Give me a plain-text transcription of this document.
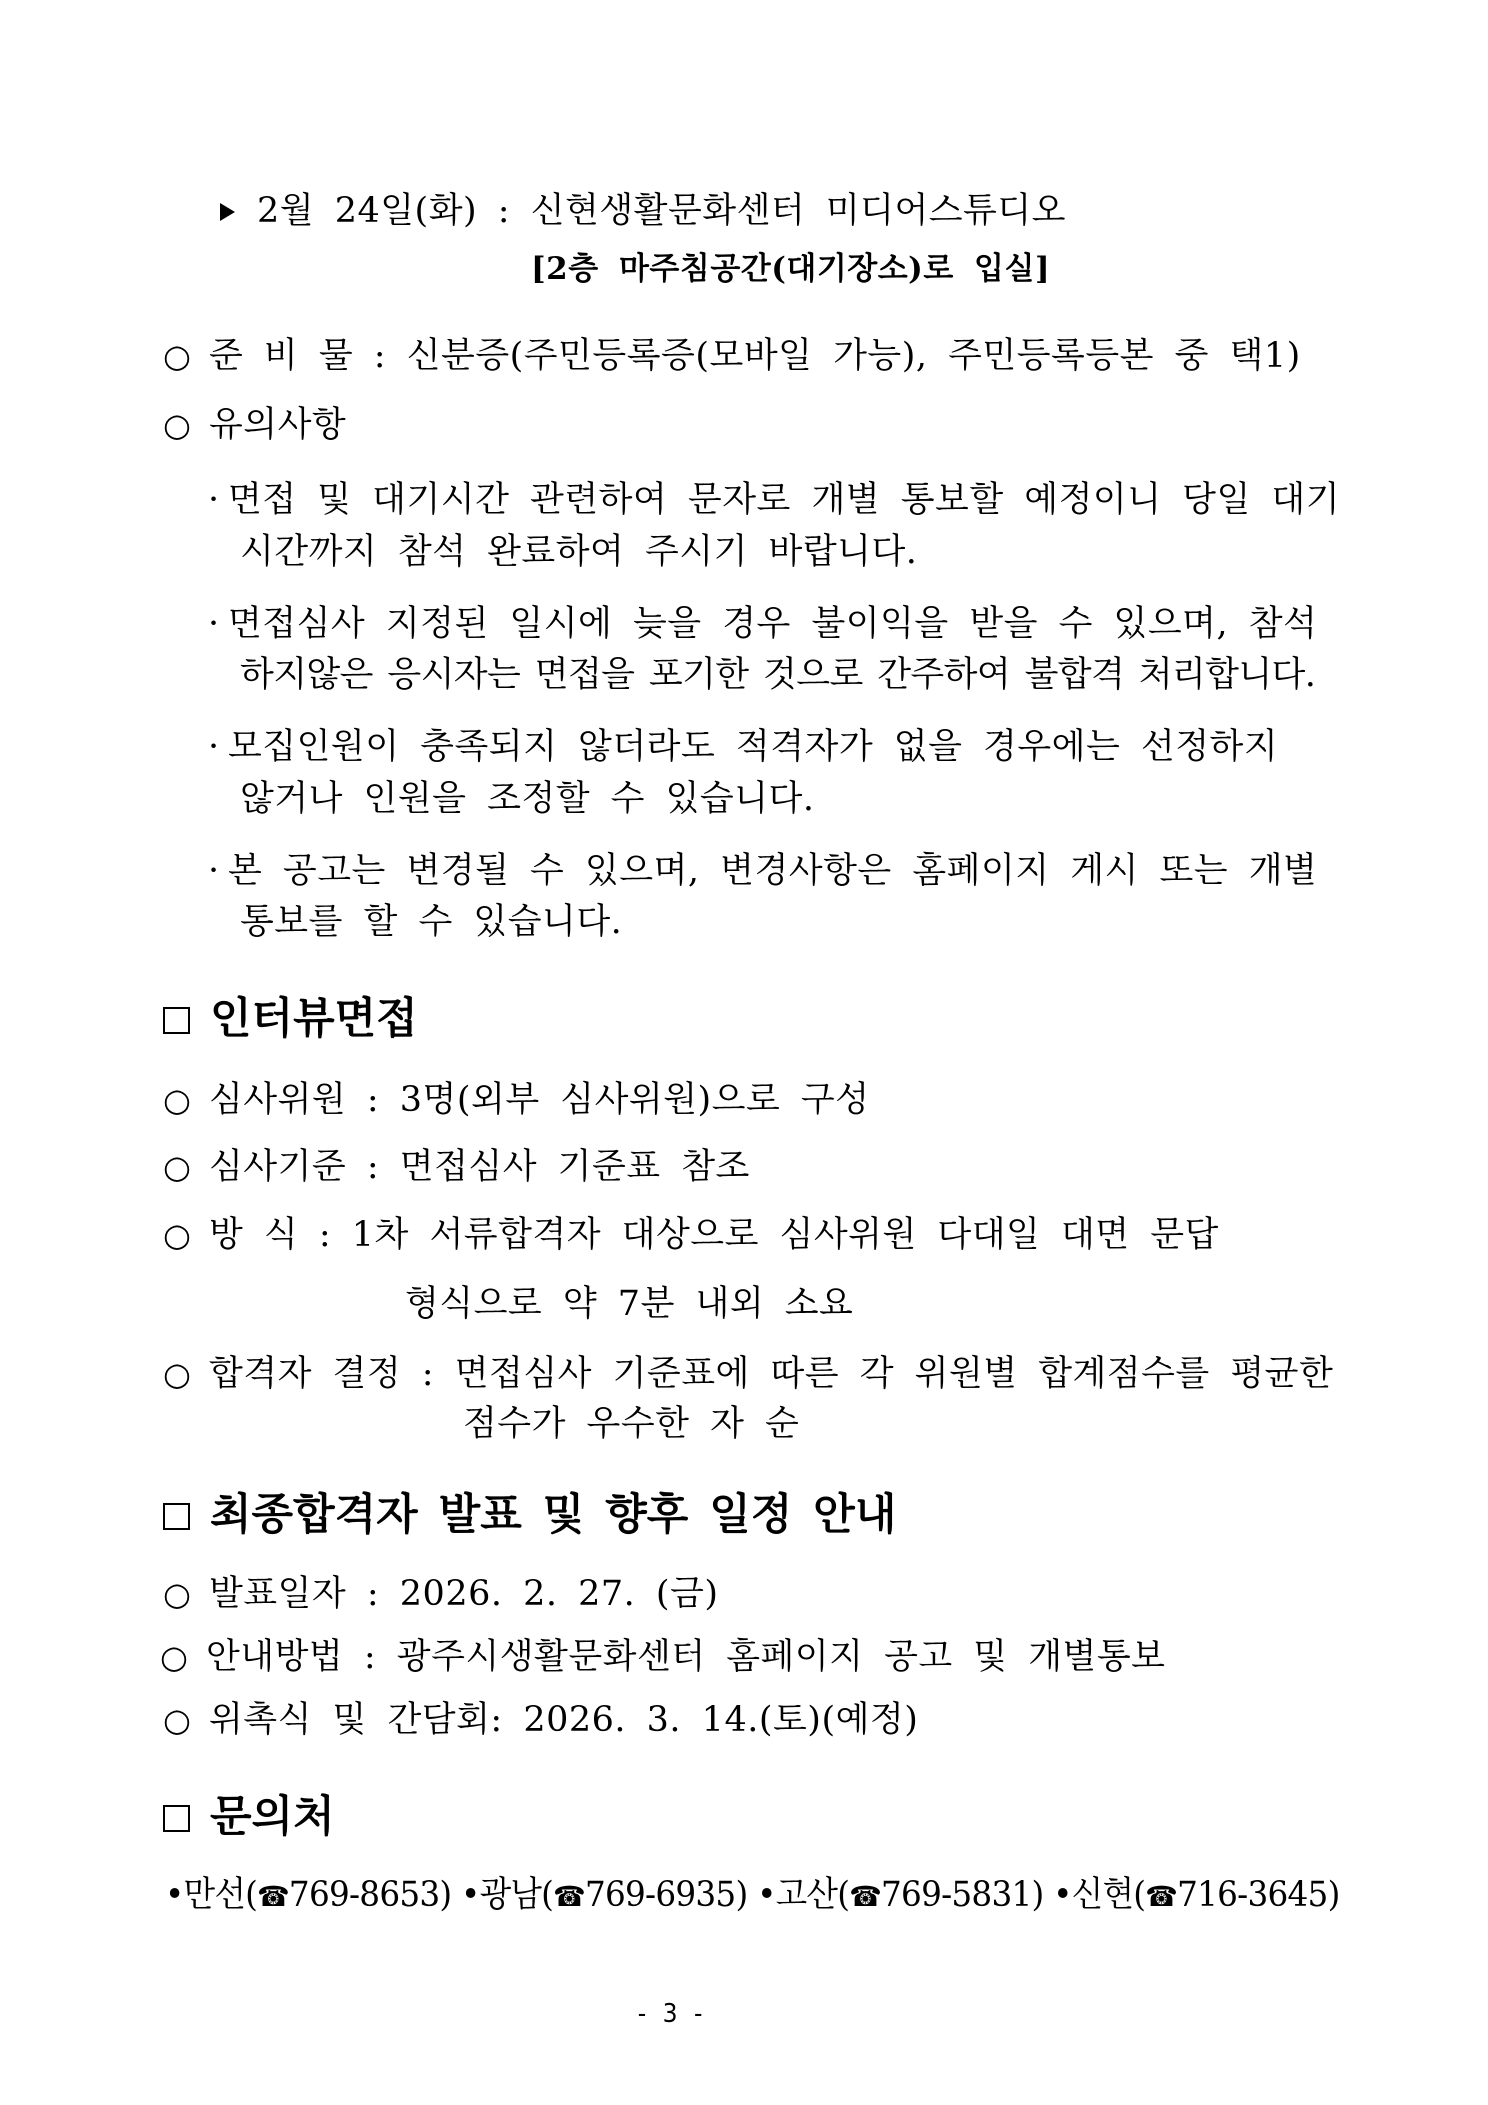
2월 24일(화) : 신현생활문화센터 미디어스튜디오
[2층 마주침공간(대기장소)로 입실]
○ 준 비 물 : 신분증(주민등록증(모바일 가능), 주민등록등본 중 택1)
○ 유의사항
· 면접 및 대기시간 관련하여 문자로 개별 통보할 예정이니 당일 대기
시간까지 참석 완료하여 주시기 바랍니다.
· 면접심사 지정된 일시에 늦을 경우 불이익을 받을 수 있으며, 참석
하지않은 응시자는 면접을 포기한 것으로 간주하여 불합격 처리합니다.
· 모집인원이 충족되지 않더라도 적격자가 없을 경우에는 선정하지
않거나 인원을 조정할 수 있습니다.
· 본 공고는 변경될 수 있으며, 변경사항은 홈페이지 게시 또는 개별
통보를 할 수 있습니다.
인터뷰면접
○ 심사위원 : 3명(외부 심사위원)으로 구성
○ 심사기준 : 면접심사 기준표 참조
○ 방 식 : 1차 서류합격자 대상으로 심사위원 다대일 대면 문답
형식으로 약 7분 내외 소요
○ 합격자 결정 : 면접심사 기준표에 따른 각 위원별 합계점수를 평균한
점수가 우수한 자 순
최종합격자 발표 및 향후 일정 안내
○ 발표일자 : 2026. 2. 27. (금)
○ 안내방법 : 광주시생활문화센터 홈페이지 공고 및 개별통보
○ 위촉식 및 간담회: 2026. 3. 14.(토)(예정)
문의처
•만선(☎769-8653) •광남(☎769-6935) •고산(☎769-5831) •신현(☎716-3645)
- 3 -
